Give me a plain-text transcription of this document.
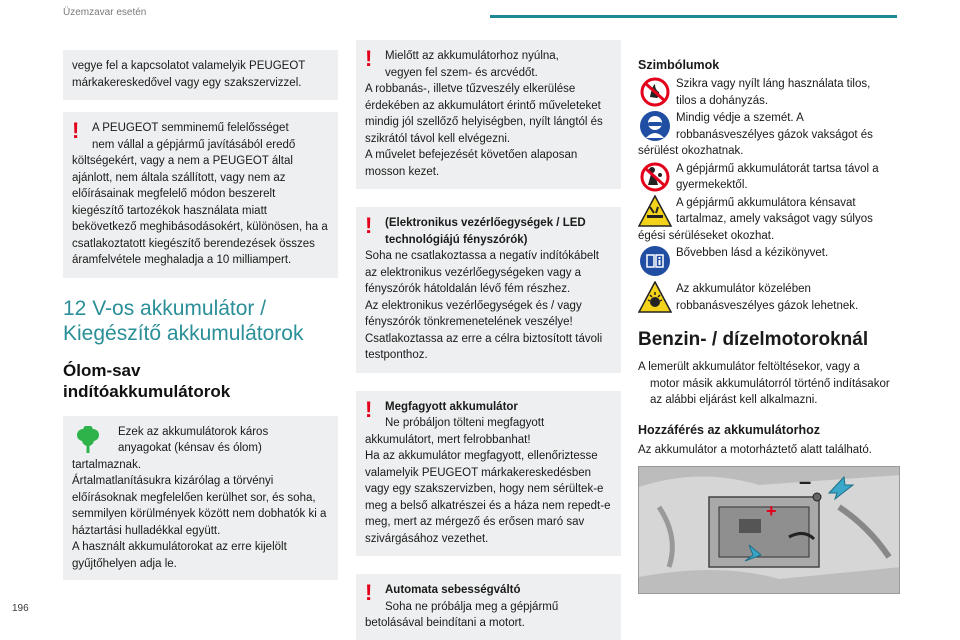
Üzemzavar esetén
196

vegye fel a kapcsolatot valamelyik PEUGEOT márkakereskedővel vagy egy szakszervizzel.

!	A PEUGEOT semminemű felelősséget

nem vállal a gépjármű javításából eredő költségekért, vagy a nem a PEUGEOT által ajánlott, nem általa szállított, vagy nem az előírásainak megfelelő módon beszerelt kiegészítő tartozékok használata miatt bekövetkező meghibásodásokért, különösen, ha a csatlakoztatott kiegészítő berendezések összes áramfelvétele meghaladja a 10 milliampert.

12 V-os akkumulátor /
Kiegészítő akkumulátorok
Ólom-sav
indítóakkumulátorok

Ezek az akkumulátorok káros

anyagokat (kénsav és ólom) tartalmaznak.

Ártalmatlanításukra kizárólag a törvényi előírásoknak megfelelően kerülhet sor, és soha, semmilyen körülmények között nem dobhatók ki a háztartási hulladékkal együtt.

A használt akkumulátorokat az erre kijelölt gyűjtőhelyen adja le.

!	Mielőtt az akkumulátorhoz nyúlna,

vegyen fel szem- és arcvédőt.

A robbanás-, illetve tűzveszély elkerülése érdekében az akkumulátort érintő műveleteket mindig jól szellőző helyiségben, nyílt lángtól és szikrától távol kell elvégezni.

A művelet befejezését követően alaposan mosson kezet.

!	(Elektronikus vezérlőegységek / LED

technológiájú fényszórók)

Soha ne csatlakoztassa a negatív indítókábelt az elektronikus vezérlőegységeken vagy a fényszórók hátoldalán lévő fém részhez.

Az elektronikus vezérlőegységek és / vagy fényszórók tönkremenetelének veszélye!

Csatlakoztassa az erre a célra biztosított távoli testponthoz.

!	Megfagyott akkumulátor

Ne próbáljon tölteni megfagyott

akkumulátort, mert felrobbanhat!

Ha az akkumulátor megfagyott, ellenőriztesse valamelyik PEUGEOT márkakereskedésben vagy egy szakszervizben, hogy nem sérültek-e meg a belső alkatrészei és a háza nem repedt-e meg, mert az mérgező és erősen maró sav szivárgásához vezethet.

!	Automata sebességváltó

Soha ne próbálja meg a gépjármű

betolásával beindítani a motort.

Szimbólumok
Szikra vagy nyílt láng használata tilos,
tilos a dohányzás.
Mindig védje a szemét. A
robbanásveszélyes gázok vakságot és sérülést okozhatnak.
A gépjármű akkumulátorát tartsa távol a
gyermekektől.
A gépjármű akkumulátora kénsavat
tartalmaz, amely vakságot vagy súlyos égési sérüléseket okozhat.
Bővebben lásd a kézikönyvet.
Az akkumulátor közelében
robbanásveszélyes gázok lehetnek.
Benzin- / dízelmotoroknál
A lemerült akkumulátor feltöltésekor, vagy a
motor másik akkumulátorról történő indításakor az alábbi eljárást kell alkalmazni.
Hozzáférés az akkumulátorhoz
Az akkumulátor a motorháztető alatt található.
+
–
